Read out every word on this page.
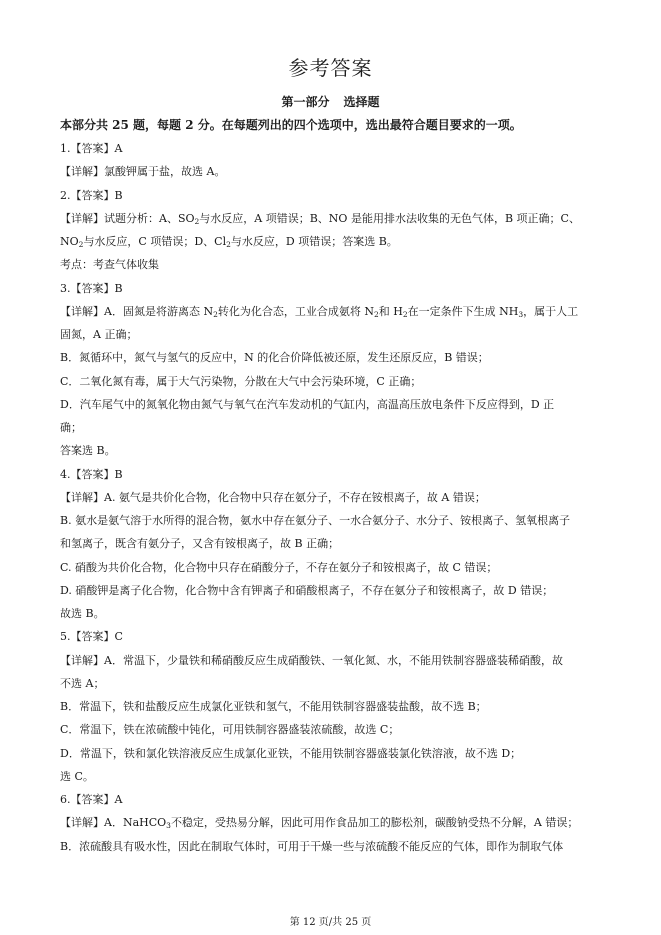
参考答案
第一部分 选择题
本部分共 25 题，每题 2 分。在每题列出的四个选项中，选出最符合题目要求的一项。
1.【答案】A
【详解】氯酸钾属于盐，故选 A。
2.【答案】B
【详解】试题分析：A、$SO_2$与水反应，A 项错误；B、NO 是能用排水法收集的无色气体，B 项正确；C、
$NO_2$与水反应，C 项错误；D、$Cl_2$与水反应，D 项错误；答案选 B。
考点：考查气体收集
3.【答案】B
【详解】A．固氮是将游离态 $N_2$转化为化合态，工业合成氨将 $N_2$和 $H_2$在一定条件下生成 $NH_3$，属于人工
固氮，A 正确；
B．氮循环中，氮气与氢气的反应中，N 的化合价降低被还原，发生还原反应，B 错误；
C．二氧化氮有毒，属于大气污染物，分散在大气中会污染环境，C 正确；
D．汽车尾气中的氮氧化物由氮气与氧气在汽车发动机的气缸内，高温高压放电条件下反应得到，D 正
确；
答案选 B。
4.【答案】B
【详解】A. 氨气是共价化合物，化合物中只存在氨分子，不存在铵根离子，故 A 错误；
B. 氨水是氨气溶于水所得的混合物，氨水中存在氨分子、一水合氨分子、水分子、铵根离子、氢氧根离子
和氢离子，既含有氨分子，又含有铵根离子，故 B 正确；
C. 硝酸为共价化合物，化合物中只存在硝酸分子，不存在氨分子和铵根离子，故 C 错误；
D. 硝酸钾是离子化合物，化合物中含有钾离子和硝酸根离子，不存在氨分子和铵根离子，故 D 错误；
故选 B。
5.【答案】C
【详解】A．常温下，少量铁和稀硝酸反应生成硝酸铁、一氧化氮、水，不能用铁制容器盛装稀硝酸，故
不选 A；
B．常温下，铁和盐酸反应生成氯化亚铁和氢气，不能用铁制容器盛装盐酸，故不选 B；
C．常温下，铁在浓硫酸中钝化，可用铁制容器盛装浓硫酸，故选 C；
D．常温下，铁和氯化铁溶液反应生成氯化亚铁，不能用铁制容器盛装氯化铁溶液，故不选 D；
选 C。
6.【答案】A
【详解】A．NaHCO$_3$不稳定，受热易分解，因此可用作食品加工的膨松剂，碳酸钠受热不分解，A 错误；
B．浓硫酸具有吸水性，因此在制取气体时，可用于干燥一些与浓硫酸不能反应的气体，即作为制取气体
第 12 页/共 25 页
